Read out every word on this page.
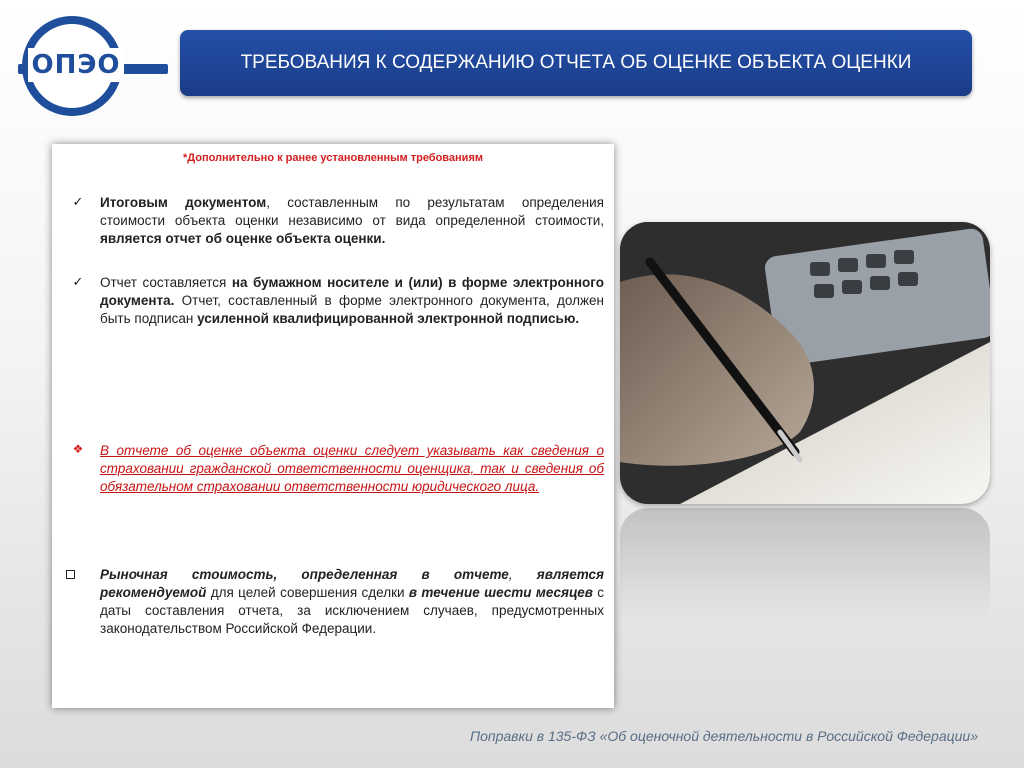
ОПЭО	ТРЕБОВАНИЯ К СОДЕРЖАНИЮ ОТЧЕТА ОБ ОЦЕНКЕ ОБЪЕКТА ОЦЕНКИ
*Дополнительно к ранее установленным требованиям
✓	Итоговым документом, составленным по результатам определения стоимости объекта оценки независимо от вида определенной стоимости, является отчет об оценке объекта оценки.
✓	Отчет составляется на бумажном носителе и (или) в форме электронного документа. Отчет, составленный в форме электронного документа, должен быть подписан усиленной квалифицированной электронной подписью.
❖	В отчете об оценке объекта оценки следует указывать как сведения о страховании гражданской ответственности оценщика, так и сведения об обязательном страховании ответственности юридического лица.
Рыночная стоимость, определенная в отчете, является рекомендуемой для целей совершения сделки в течение шести месяцев с даты составления отчета, за исключением случаев, предусмотренных законодательством Российской Федерации.
Поправки в 135-ФЗ «Об оценочной деятельности в Российской Федерации»
